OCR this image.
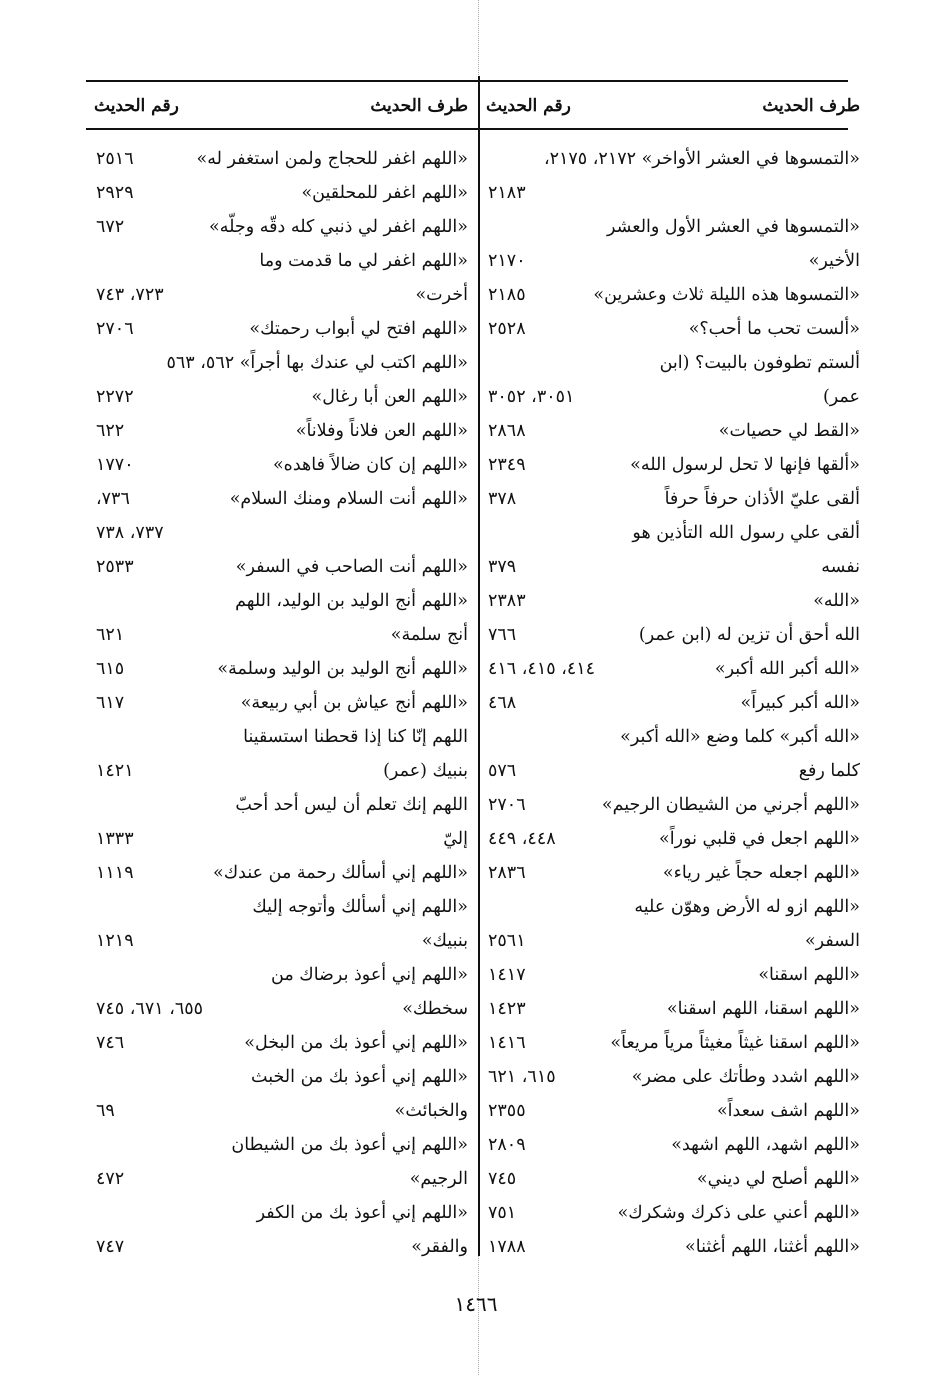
طرف الحديث
رقم الحديث
«التمسوها في العشر الأواخر» ٢١٧٢، ٢١٧٥،
٢١٨٣
«التمسوها في العشر الأول والعشر
الأخير»
٢١٧٠
«التمسوها هذه الليلة ثلاث وعشرين»
٢١٨٥
«ألست تحب ما أحب؟»
٢٥٢٨
ألستم تطوفون بالبيت؟ (ابن
عمر)
٣٠٥١، ٣٠٥٢
«القط لي حصيات»
٢٨٦٨
«ألقها فإنها لا تحل لرسول الله»
٢٣٤٩
ألقى عليّ الأذان حرفاً حرفاً
٣٧٨
ألقى علي رسول الله التأذين هو
نفسه
٣٧٩
«الله»
٢٣٨٣
الله أحق أن تزين له (ابن عمر)
٧٦٦
«الله أكبر الله أكبر»
٤١٤، ٤١٥، ٤١٦
«الله أكبر كبيراً»
٤٦٨
«الله أكبر» كلما وضع «الله أكبر»
كلما رفع
٥٧٦
«اللهم أجرني من الشيطان الرجيم»
٢٧٠٦
«اللهم اجعل في قلبي نوراً»
٤٤٨، ٤٤٩
«اللهم اجعله حجاً غير رياء»
٢٨٣٦
«اللهم ازو له الأرض وهوّن عليه
السفر»
٢٥٦١
«اللهم اسقنا»
١٤١٧
«اللهم اسقنا، اللهم اسقنا»
١٤٢٣
«اللهم اسقنا غيثاً مغيثاً مرياً مريعاً»
١٤١٦
«اللهم اشدد وطأتك على مضر»
٦١٥، ٦٢١
«اللهم اشف سعداً»
٢٣٥٥
«اللهم اشهد، اللهم اشهد»
٢٨٠٩
«اللهم أصلح لي ديني»
٧٤٥
«اللهم أعني على ذكرك وشكرك»
٧٥١
«اللهم أغثنا، اللهم أغثنا»
١٧٨٨
طرف الحديث
رقم الحديث
«اللهم اغفر للحجاج ولمن استغفر له»
٢٥١٦
«اللهم اغفر للمحلقين»
٢٩٢٩
«اللهم اغفر لي ذنبي كله دقّه وجلّه»
٦٧٢
«اللهم اغفر لي ما قدمت وما
أخرت»
٧٢٣، ٧٤٣
«اللهم افتح لي أبواب رحمتك»
٢٧٠٦
«اللهم اكتب لي عندك بها أجراً» ٥٦٢، ٥٦٣
«اللهم العن أبا رغال»
٢٢٧٢
«اللهم العن فلاناً وفلاناً»
٦٢٢
«اللهم إن كان ضالاً فاهده»
١٧٧٠
«اللهم أنت السلام ومنك السلام»
٧٣٦،
٧٣٧، ٧٣٨
«اللهم أنت الصاحب في السفر»
٢٥٣٣
«اللهم أنج الوليد بن الوليد، اللهم
أنج سلمة»
٦٢١
«اللهم أنج الوليد بن الوليد وسلمة»
٦١٥
«اللهم أنج عياش بن أبي ربيعة»
٦١٧
اللهم إنّا كنا إذا قحطنا استسقينا
بنبيك (عمر)
١٤٢١
اللهم إنك تعلم أن ليس أحد أحبّ
إليّ
١٣٣٣
«اللهم إني أسألك رحمة من عندك»
١١١٩
«اللهم إني أسألك وأتوجه إليك
بنبيك»
١٢١٩
«اللهم إني أعوذ برضاك من
سخطك»
٦٥٥، ٦٧١، ٧٤٥
«اللهم إني أعوذ بك من البخل»
٧٤٦
«اللهم إني أعوذ بك من الخبث
والخبائث»
٦٩
«اللهم إني أعوذ بك من الشيطان
الرجيم»
٤٧٢
«اللهم إني أعوذ بك من الكفر
والفقر»
٧٤٧
١٤٦٦
